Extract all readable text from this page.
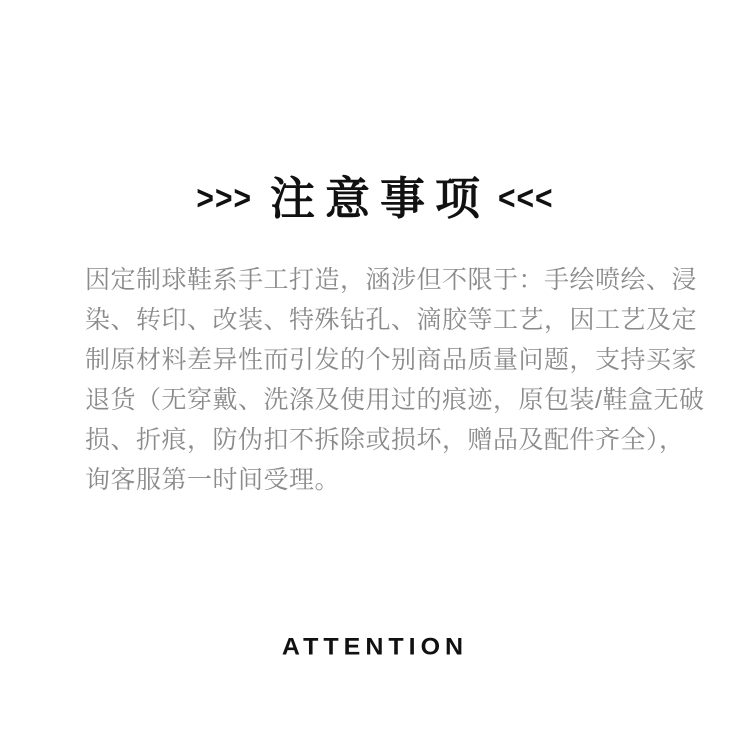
>>> 注意事项 <<<
因定制球鞋系手工打造，涵涉但不限于：手绘喷绘、浸
染、转印、改装、特殊钻孔、滴胶等工艺，因工艺及定
制原材料差异性而引发的个别商品质量问题，支持买家
退货（无穿戴、洗涤及使用过的痕迹，原包装/鞋盒无破
损、折痕，防伪扣不拆除或损坏，赠品及配件齐全），
询客服第一时间受理。
ATTENTION
